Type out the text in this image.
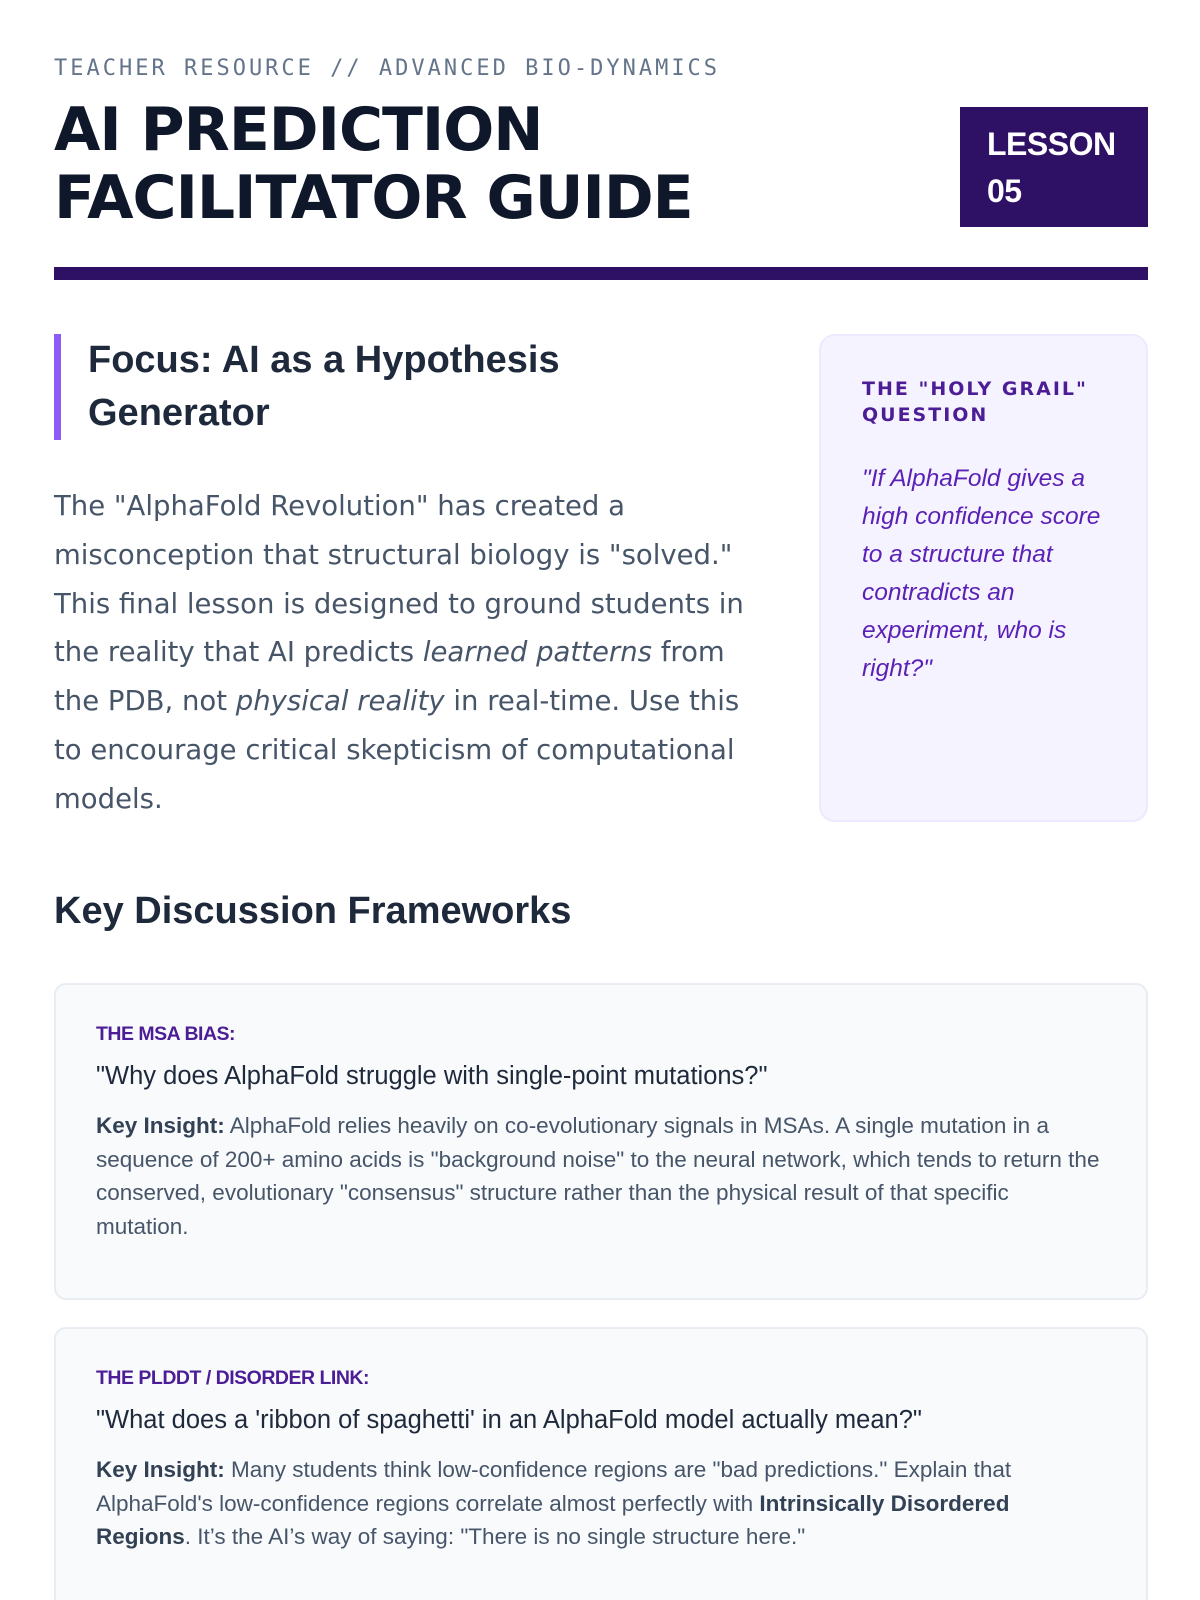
TEACHER RESOURCE // ADVANCED BIO-DYNAMICS
AI PREDICTION
FACILITATOR GUIDE
LESSON
05
Focus: AI as a Hypothesis
Generator

The "AlphaFold Revolution" has created a misconception that structural biology is "solved." This final lesson is designed to ground students in the reality that AI predicts learned patterns from the PDB, not physical reality in real-time. Use this to encourage critical skepticism of computational models.

THE "HOLY GRAIL" QUESTION
"If AlphaFold gives a high confidence score to a structure that contradicts an experiment, who is right?"
Key Discussion Frameworks
THE MSA BIAS:
"Why does AlphaFold struggle with single-point mutations?"

Key Insight: AlphaFold relies heavily on co-evolutionary signals in MSAs. A single mutation in a sequence of 200+ amino acids is "background noise" to the neural network, which tends to return the conserved, evolutionary "consensus" structure rather than the physical result of that specific mutation.

THE PLDDT / DISORDER LINK:
"What does a 'ribbon of spaghetti' in an AlphaFold model actually mean?"

Key Insight: Many students think low-confidence regions are "bad predictions." Explain that AlphaFold's low-confidence regions correlate almost perfectly with Intrinsically Disordered Regions. It’s the AI’s way of saying: "There is no single structure here."
